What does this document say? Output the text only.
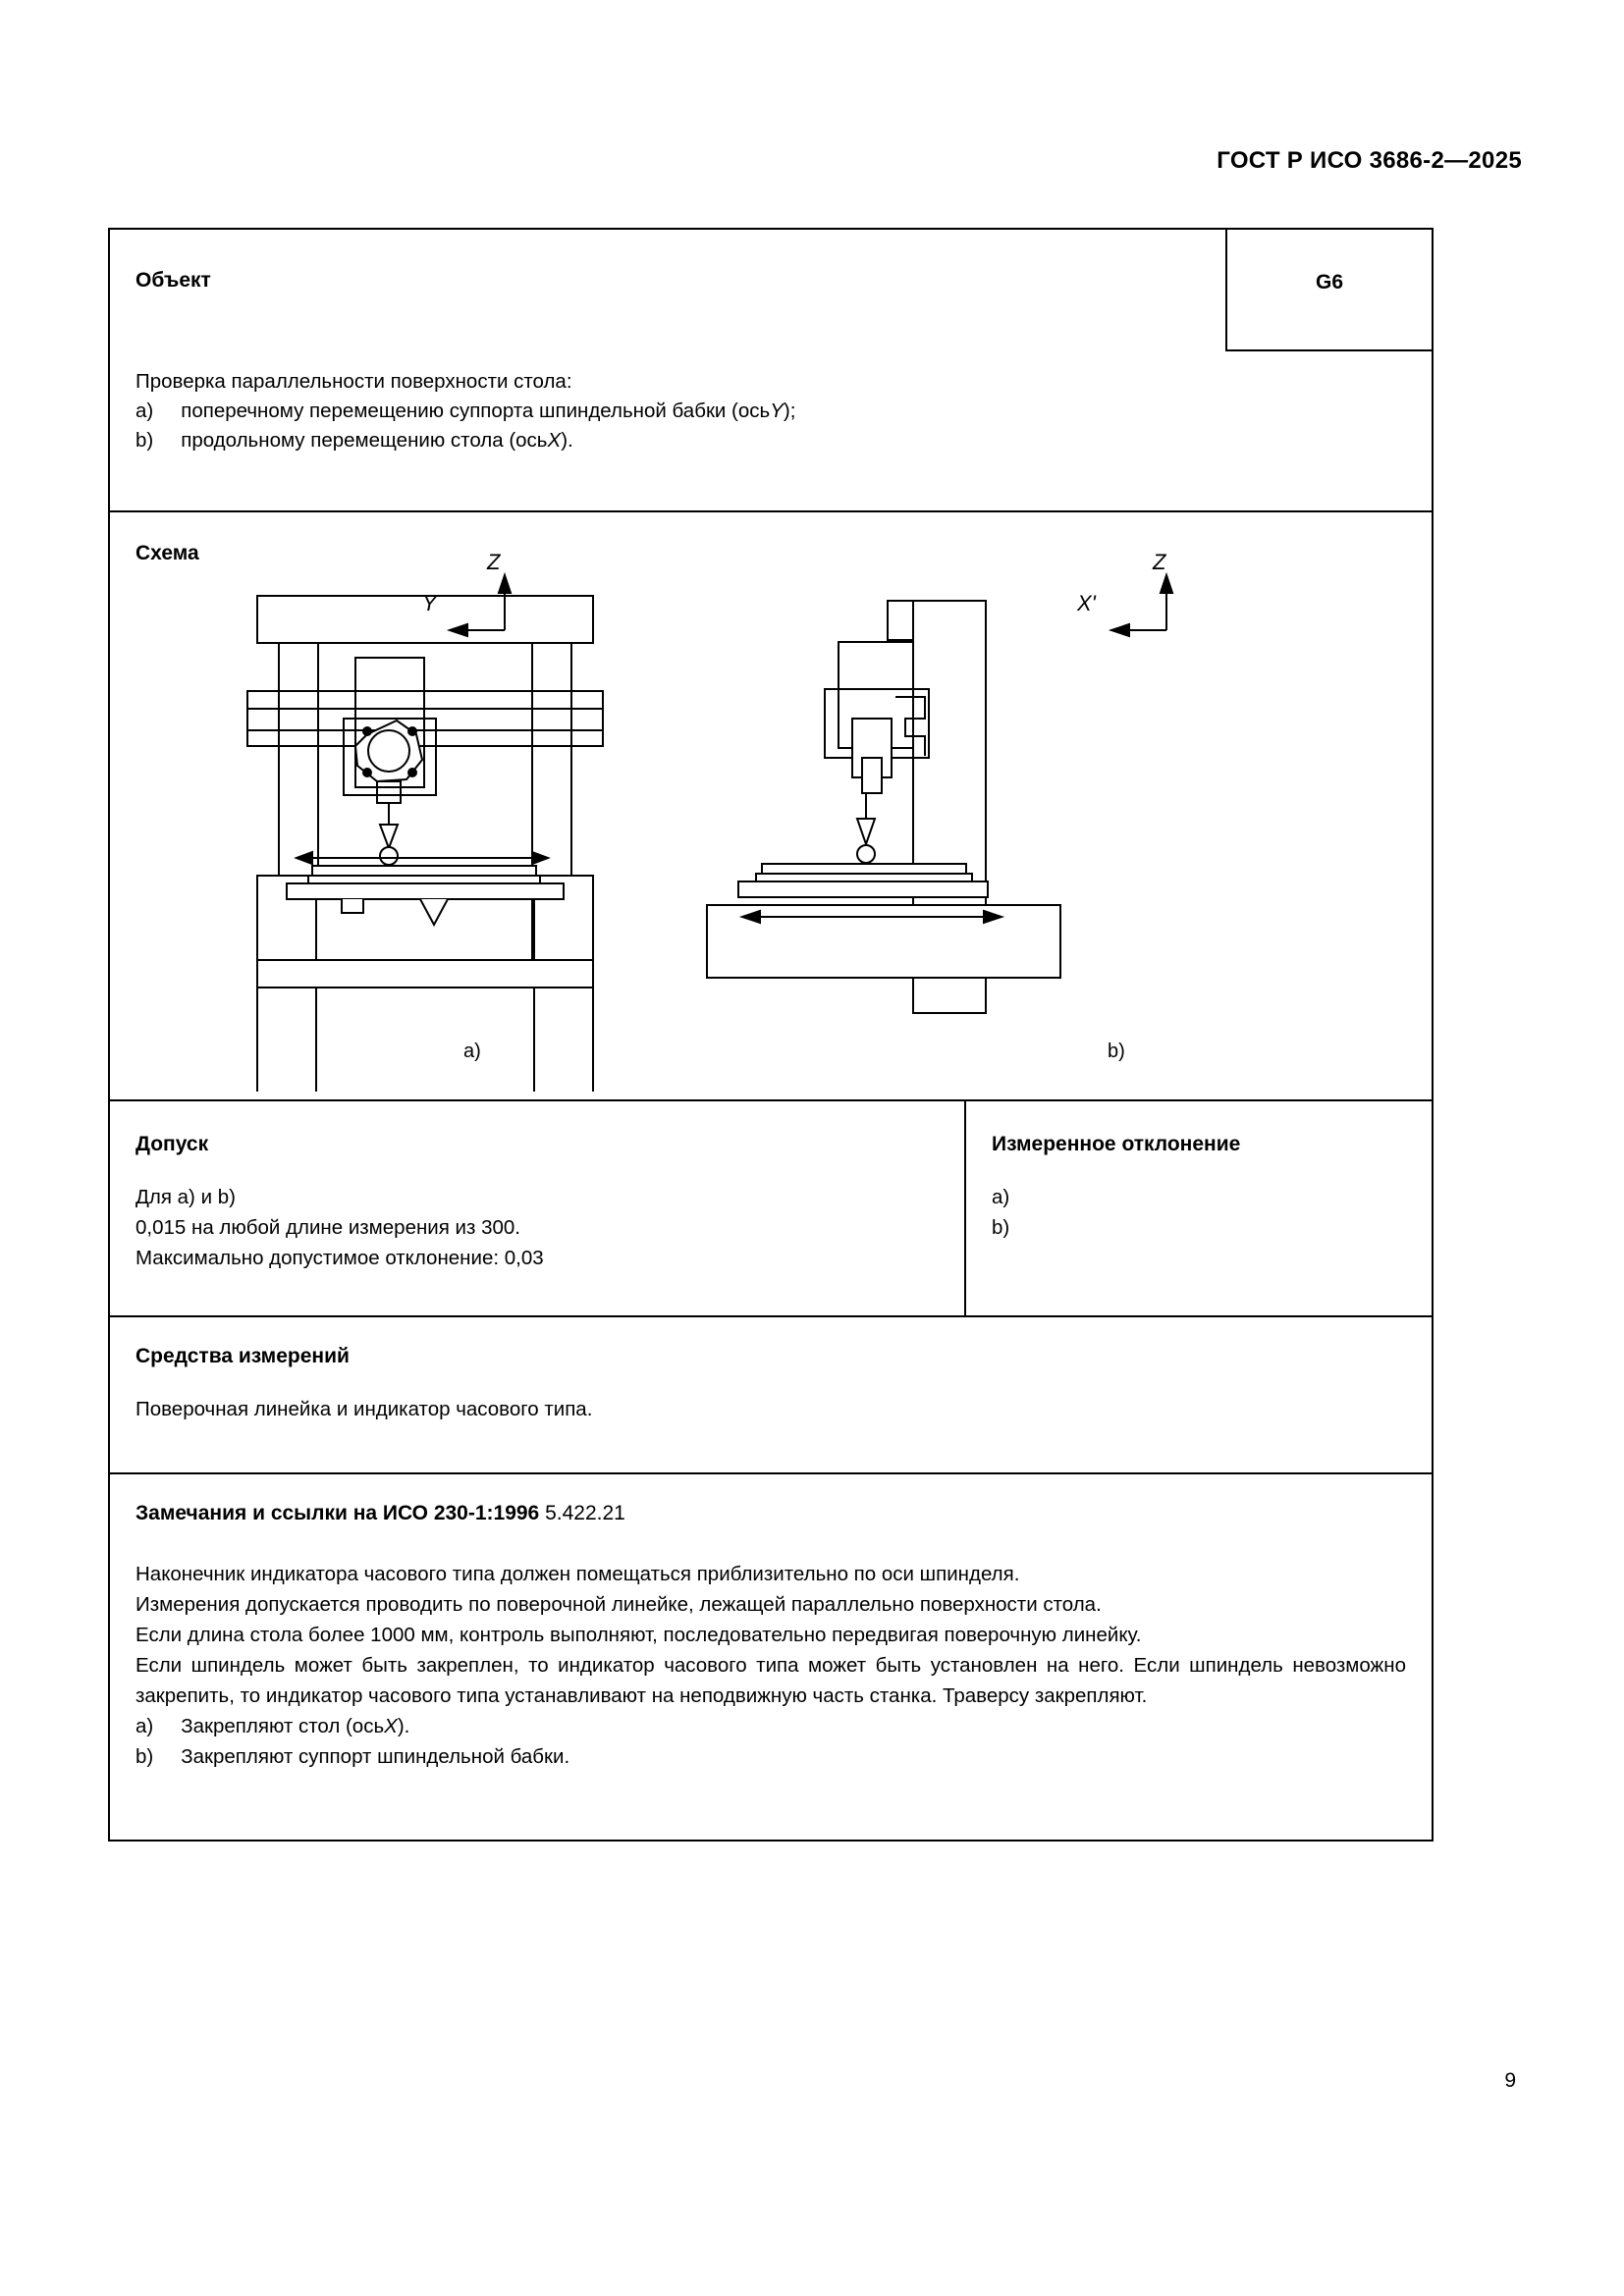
ГОСТ Р ИСО 3686-2—2025
Объект	G6
Проверка параллельности поверхности стола:
a) поперечному перемещению суппорта шпиндельной бабки (осьY);
b) продольному перемещению стола (осьX).
Схема	Z
Y
Z
X'
a)	b)
Допуск
Для a) и b)
0,015 на любой длине измерения из 300.
Максимально допустимое отклонение: 0,03
Измеренное отклонение
a)
b)
Средства измерений
Поверочная линейка и индикатор часового типа.
Замечания и ссылки на ИСО 230-1:1996 5.422.21
Наконечник индикатора часового типа должен помещаться приблизительно по оси шпинделя.
Измерения допускается проводить по поверочной линейке, лежащей параллельно поверхности стола.
Если длина стола более 1000 мм, контроль выполняют, последовательно передвигая поверочную линейку.
Если шпиндель может быть закреплен, то индикатор часового типа может быть установлен на него. Если шпиндель невозможно закрепить, то индикатор часового типа устанавливают на неподвижную часть станка. Траверсу закрепляют.
a) Закрепляют стол (осьX).
b) Закрепляют суппорт шпиндельной бабки.
9
